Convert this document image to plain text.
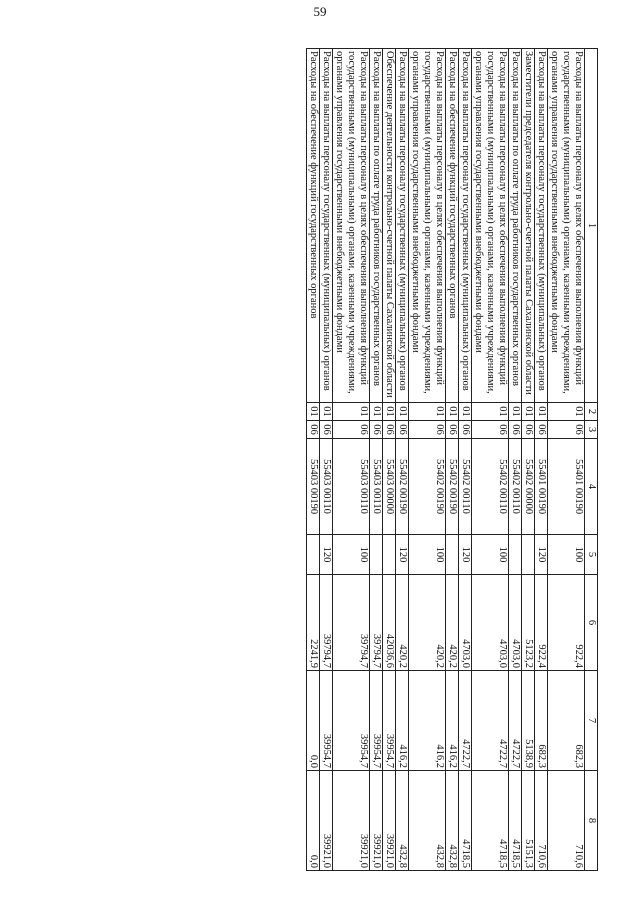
59
1	2	3	4	5	6	7	8
Расходы на выплаты персоналу в целях обеспечения выполнения функций государственными (муниципальными) органами, казенными учреждениями, органами управления государственными внебюджетными фондами	01	06	55401 00190	100	922,4	682,3	710,6
Расходы на выплаты персоналу государственных (муниципальных) органов	01	06	55401 00190	120	922,4	682,3	710,6
Заместители председателя контрольно-счетной палаты Сахалинской области	01	06	55402 00000		5123,2	5138,9	5151,3
Расходы на выплаты по оплате труда работников государственных органов	01	06	55402 00110		4703,0	4722,7	4718,5
Расходы на выплаты персоналу в целях обеспечения выполнения функций государственными (муниципальными) органами, казенными учреждениями, органами управления государственными внебюджетными фондами	01	06	55402 00110	100	4703,0	4722,7	4718,5
Расходы на выплаты персоналу государственных (муниципальных) органов	01	06	55402 00110	120	4703,0	4722,7	4718,5
Расходы на обеспечение функций государственных органов	01	06	55402 00190		420,2	416,2	432,8
Расходы на выплаты персоналу в целях обеспечения выполнения функций государственными (муниципальными) органами, казенными учреждениями, органами управления государственными внебюджетными фондами	01	06	55402 00190	100	420,2	416,2	432,8
Расходы на выплаты персоналу государственных (муниципальных) органов	01	06	55402 00190	120	420,2	416,2	432,8
Обеспечение деятельности контрольно-счетной палаты Сахалинской области	01	06	55403 00000		42036,6	39954,7	39921,0
Расходы на выплаты по оплате труда работников государственных органов	01	06	55403 00110		39794,7	39954,7	39921,0
Расходы на выплаты персоналу в целях обеспечения выполнения функций государственными (муниципальными) органами, казенными учреждениями, органами управления государственными внебюджетными фондами	01	06	55403 00110	100	39794,7	39954,7	39921,0
Расходы на выплаты персоналу государственных (муниципальных) органов	01	06	55403 00110	120	39794,7	39954,7	39921,0
Расходы на обеспечение функций государственных органов	01	06	55403 00190		2241,9	0,0	0,0
